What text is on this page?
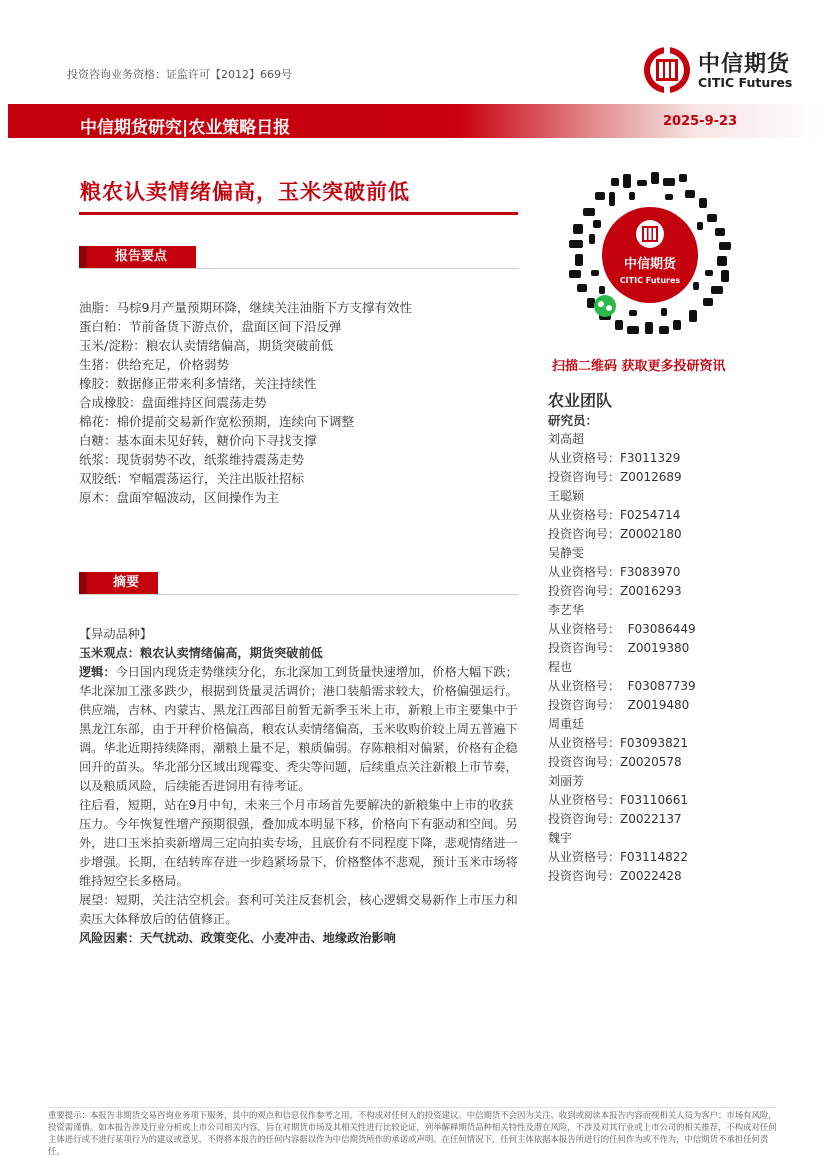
投资咨询业务资格：证监许可【2012】669号	中信期货
CITIC Futures
中信期货研究|农业策略日报	2025-9-23
粮农认卖情绪偏高，玉米突破前低
报告要点
油脂：马棕9月产量预期环降，继续关注油脂下方支撑有效性
蛋白粕：节前备货下游点价，盘面区间下沿反弹
玉米/淀粉：粮农认卖情绪偏高，期货突破前低
生猪：供给充足，价格弱势
橡胶：数据修正带来利多情绪，关注持续性
合成橡胶：盘面维持区间震荡走势
棉花：棉价提前交易新作宽松预期，连续向下调整
白糖：基本面未见好转，糖价向下寻找支撑
纸浆：现货弱势不改，纸浆维持震荡走势
双胶纸：窄幅震荡运行，关注出版社招标
原木：盘面窄幅波动，区间操作为主
摘要

【异动品种】

玉米观点：粮农认卖情绪偏高，期货突破前低

逻辑：今日国内现货走势继续分化，东北深加工到货量快速增加，价格大幅下跌；华北深加工涨多跌少，根据到货量灵活调价；港口装船需求较大，价格偏强运行。供应端，吉林、内蒙古、黑龙江西部目前暂无新季玉米上市，新粮上市主要集中于黑龙江东部，由于开秤价格偏高，粮农认卖情绪偏高，玉米收购价较上周五普遍下调。华北近期持续降雨，潮粮上量不足，粮质偏弱。存陈粮相对偏紧，价格有企稳回升的苗头。华北部分区域出现霉变、秃尖等问题，后续重点关注新粮上市节奏，以及粮质风险，后续能否进饲用有待考证。

往后看，短期，站在9月中旬，未来三个月市场首先要解决的新粮集中上市的收获压力。今年恢复性增产预期很强，叠加成本明显下移，价格向下有驱动和空间。另外，进口玉米拍卖新增周三定向拍卖专场，且底价有不同程度下降，悲观情绪进一步增强。长期，在结转库存进一步趋紧场景下，价格整体不悲观，预计玉米市场将维持短空长多格局。

展望：短期，关注沽空机会。套利可关注反套机会，核心逻辑交易新作上市压力和卖压大体释放后的估值修正。

风险因素：天气扰动、政策变化、小麦冲击、地缘政治影响

中信期货
CITIC Futures
扫描二维码 获取更多投研资讯
农业团队
研究员：
刘高超
从业资格号：F3011329
投资咨询号：Z0012689
王聪颖
从业资格号：F0254714
投资咨询号：Z0002180
吴静雯
从业资格号：F3083970
投资咨询号：Z0016293
李艺华
从业资格号：  F03086449
投资咨询号：  Z0019380
程也
从业资格号：  F03087739
投资咨询号：  Z0019480
周重廷
从业资格号：F03093821
投资咨询号：Z0020578
刘丽芳
从业资格号：F03110661
投资咨询号：Z0022137
魏宇
从业资格号：F03114822
投资咨询号：Z0022428
重要提示：本报告非期货交易咨询业务项下服务，其中的观点和信息仅作参考之用，不构成对任何人的投资建议。中信期货不会因为关注、收到或阅读本报告内容而视相关人员为客户；市场有风险，投资需谨慎。如本报告涉及行业分析或上市公司相关内容，旨在对期货市场及其相关性进行比较论证，列举解释期货品种相关特性及潜在风险，不涉及对其行业或上市公司的相关推荐，不构成对任何主体进行或不进行某项行为的建议或意见，不得将本报告的任何内容据以作为中信期货所作的承诺或声明。在任何情况下，任何主体依据本报告所进行的任何作为或不作为，中信期货不承担任何责任。
